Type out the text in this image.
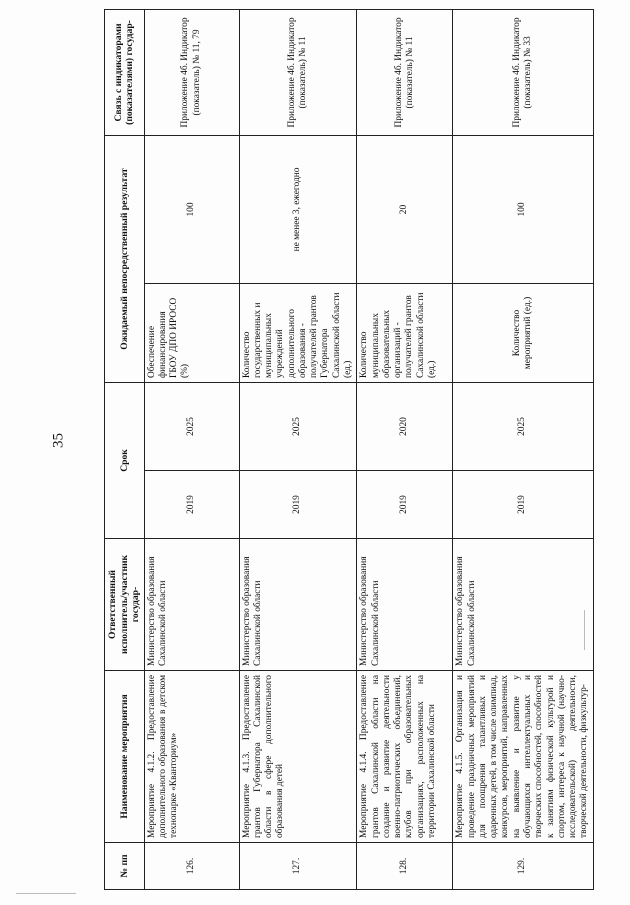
35
№ пп	Наименование мероприятия	Ответственный исполнитель/участник государ-	Срок		Ожидаемый непосредственный результат		Связь с индикаторами (показателями) государ-
126.	Мероприятие 4.1.2. Предоставление дополнительного образования в детском технопарке «Кванториум»	Министерство образования Сахалинской области	2019	2025	Обеспечение финансирования ГБОУ ДПО ИРОСО (%)	100	Приложение 4б. Индикатор (показатель) № 11, 79
127.	Мероприятие 4.1.3. Предоставление грантов Губернатора Сахалинской области в сфере дополнительного образования детей	Министерство образования Сахалинской области	2019	2025	Количество государственных и муниципальных учреждений дополнительного образования - получателей грантов Губернатора Сахалинской области (ед.)	не менее 3, ежегодно	Приложение 4б. Индикатор (показатель) № 11
128.	Мероприятие 4.1.4. Предоставление грантов Сахалинской области на создание и развитие деятельности военно-патриотических объединений, клубов при образовательных организациях, расположенных на территории Сахалинской области	Министерство образования Сахалинской области	2019	2020	Количество муниципальных образовательных организаций - получателей грантов Сахалинской области (ед.)	20	Приложение 4б. Индикатор (показатель) № 11
129.	Мероприятие 4.1.5. Организация и проведение праздничных мероприятий для поощрения талантливых и одаренных детей, в том числе олимпиад, конкурсов, мероприятий, направленных на выявление и развитие у обучающихся интеллектуальных и творческих способностей, способностей к занятиям физической культурой и спортом, интереса к научной (научно-исследовательской) деятельности, творческой деятельности, физкультур-	Министерство образования Сахалинской области	2019	2025	Количество мероприятий (ед.)	100	Приложение 4б. Индикатор (показатель) № 33
